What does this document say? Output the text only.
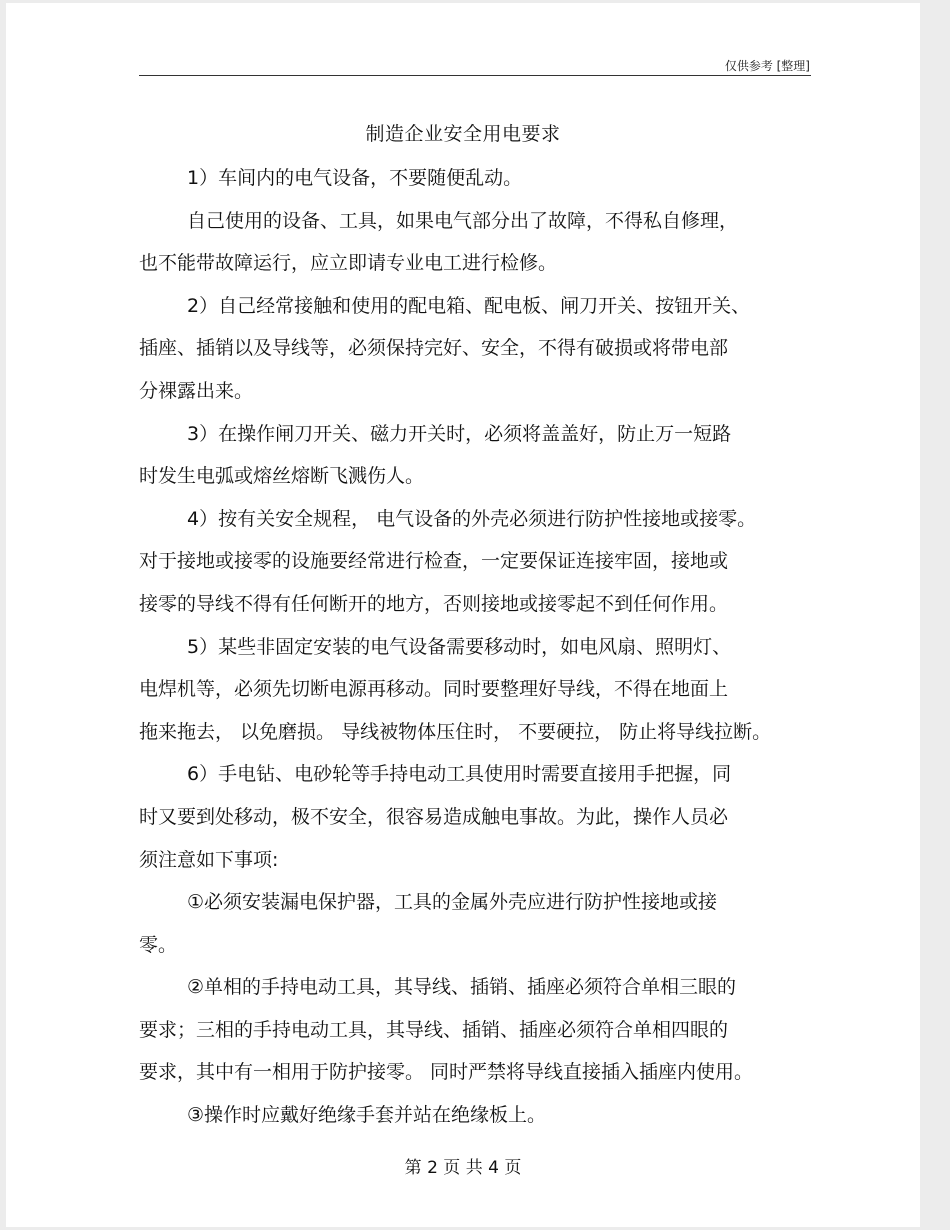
仅供参考 [整理]
制造企业安全用电要求
1）车间内的电气设备，不要随便乱动。
自己使用的设备、工具，如果电气部分出了故障，不得私自修理，
也不能带故障运行，应立即请专业电工进行检修。
2）自己经常接触和使用的配电箱、配电板、闸刀开关、按钮开关、
插座、插销以及导线等，必须保持完好、安全，不得有破损或将带电部
分裸露出来。
3）在操作闸刀开关、磁力开关时，必须将盖盖好，防止万一短路
时发生电弧或熔丝熔断飞溅伤人。
4）按有关安全规程， 电气设备的外壳必须进行防护性接地或接零。
对于接地或接零的设施要经常进行检查，一定要保证连接牢固，接地或
接零的导线不得有任何断开的地方，否则接地或接零起不到任何作用。
5）某些非固定安装的电气设备需要移动时，如电风扇、照明灯、
电焊机等，必须先切断电源再移动。同时要整理好导线，不得在地面上
拖来拖去， 以免磨损。 导线被物体压住时， 不要硬拉， 防止将导线拉断。
6）手电钻、电砂轮等手持电动工具使用时需要直接用手把握，同
时又要到处移动，极不安全，很容易造成触电事故。为此，操作人员必
须注意如下事项:
①必须安装漏电保护器，工具的金属外壳应进行防护性接地或接
零。
②单相的手持电动工具，其导线、插销、插座必须符合单相三眼的
要求；三相的手持电动工具，其导线、插销、插座必须符合单相四眼的
要求，其中有一相用于防护接零。 同时严禁将导线直接插入插座内使用。
③操作时应戴好绝缘手套并站在绝缘板上。
第 2 页 共 4 页
